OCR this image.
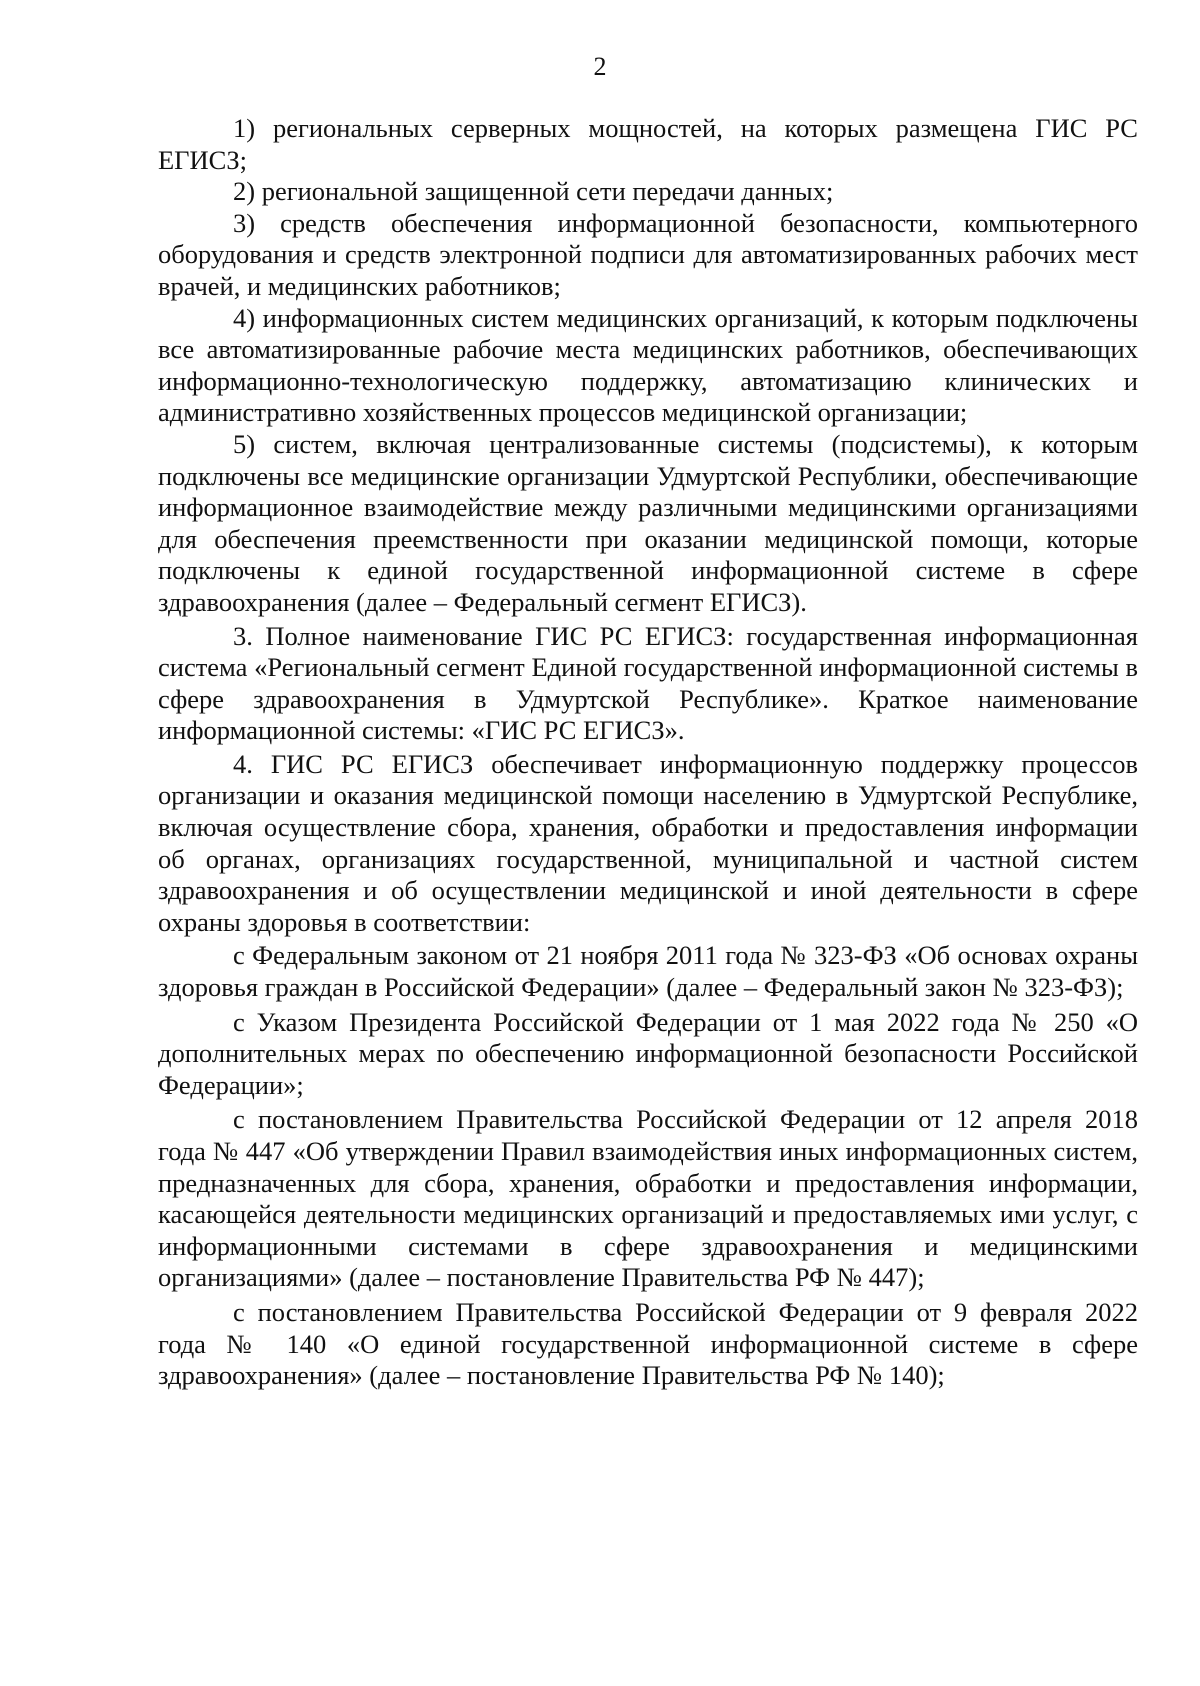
2

1) региональных серверных мощностей, на которых размещена ГИС РС ЕГИСЗ;

2) региональной защищенной сети передачи данных;

3) средств обеспечения информационной безопасности, компьютерного оборудования и средств электронной подписи для автоматизированных рабочих мест врачей, и медицинских работников;

4) информационных систем медицинских организаций, к которым подключены все автоматизированные рабочие места медицинских работников, обеспечивающих информационно-технологическую поддержку, автоматизацию клинических и административно хозяйственных процессов медицинской организации;

5) систем, включая централизованные системы (подсистемы), к которым подключены все медицинские организации Удмуртской Республики, обеспечивающие информационное взаимодействие между различными медицинскими организациями для обеспечения преемственности при оказании медицинской помощи, которые подключены к единой государственной информационной системе в сфере здравоохранения (далее – Федеральный сегмент ЕГИСЗ).

3. Полное наименование ГИС РС ЕГИСЗ: государственная информационная система «Региональный сегмент Единой государственной информационной системы в сфере здравоохранения в Удмуртской Республике». Краткое наименование информационной системы: «ГИС РС ЕГИСЗ».

4. ГИС РС ЕГИСЗ обеспечивает информационную поддержку процессов организации и оказания медицинской помощи населению в Удмуртской Республике, включая осуществление сбора, хранения, обработки и предоставления информации об органах, организациях государственной, муниципальной и частной систем здравоохранения и об осуществлении медицинской и иной деятельности в сфере охраны здоровья в соответствии:

с Федеральным законом от 21 ноября 2011 года № 323-ФЗ «Об основах охраны здоровья граждан в Российской Федерации» (далее – Федеральный закон № 323-ФЗ);

с Указом Президента Российской Федерации от 1 мая 2022 года № 250 «О дополнительных мерах по обеспечению информационной безопасности Российской Федерации»;

с постановлением Правительства Российской Федерации от 12 апреля 2018 года № 447 «Об утверждении Правил взаимодействия иных информационных систем, предназначенных для сбора, хранения, обработки и предоставления информации, касающейся деятельности медицинских организаций и предоставляемых ими услуг, с информационными системами в сфере здравоохранения и медицинскими организациями» (далее – постановление Правительства РФ № 447);

с постановлением Правительства Российской Федерации от 9 февраля 2022 года № 140 «О единой государственной информационной системе в сфере здравоохранения» (далее – постановление Правительства РФ № 140);
